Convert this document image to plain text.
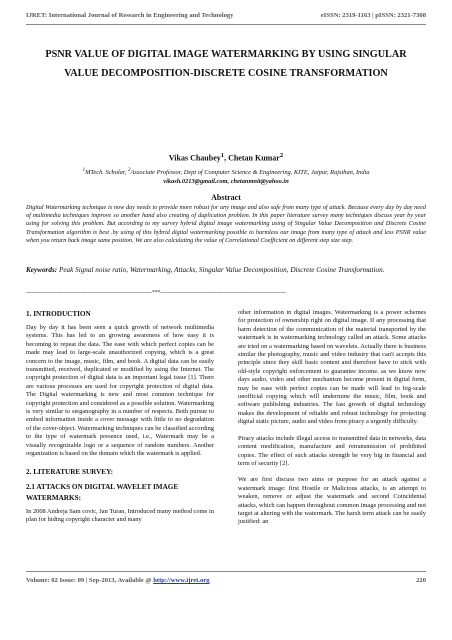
IJRET: International Journal of Research in Engineering and Technology	eISSN: 2319-1163 | pISSN: 2321-7308
PSNR VALUE OF DIGITAL IMAGE WATERMARKING BY USING SINGULAR VALUE DECOMPOSITION-DISCRETE COSINE TRANSFORMATION
Vikas Chaubey$^1$, Chetan Kumar$^2$
$^1$MTech. Scholar, $^2$Associate Professor, Dept of Computer Science & Engineering, KITE, Jaipur, Rajsthan, India
vikash.0213@gmail.com, chetanmnit@yahoo.in
Abstract
Digital Watermarking technique is now day needs to provide more robust for any image and also safe from many type of attack. Because every day by day need of multimedia techniques improve so another hand also creating of duplication problem. In this paper literature survey many techniques discuss year by year using for solving this problem. But according to my survey hybrid digital image watermarking using of Singular Value Decomposition and Discrete Cosine Transformation algorithm is best .by using of this hybrid digital watermarking possible to harmless our image from many type of attack and less PSNR value when you return back image same position. We are also calculating the value of Correlational Coefficient on different step size step.
Keywords: Peak Signal noise ratio, Watermarking, Attacks, Singular Value Decomposition, Discrete Cosine Transformation.
----------------------------------------------------------------------***----------------------------------------------------------------------
1. INTRODUCTION

Day by day it has been seen a quick growth of network multimedia systems. This has led to an growing awareness of how easy it is becoming to repeat the data. The ease with which perfect copies can be made may lead to large-scale unauthorized copying, which is a great concern to the image, music, film, and book. A digital data can be easily transmitted, received, duplicated or modified by using the Internet. The copyright protection of digital data is an important legal issue [1]. There are various processes are used for copyright protection of digital data. The Digital watermarking is new and most common technique for copyright protection and considered as a possible solution. Watermarking is very similar to steganography in a number of respects. Both pursue to embed information inside a cover message with little to no degradation of the cover-object. Watermarking techniques can be classified according to the type of watermark presence used, i.e., Watermark may be a visually recognizable logo or a sequence of random numbers. Another organization is based on the domain which the watermark is applied.

2. LITERATURE SURVEY:
2.1 ATTACKS ON DIGITAL WAVELET IMAGE WATERMARKS:

In 2008 Andreja Sam covic, Jan Turan, Introduced many method come in plan for hiding copyright character and many

other information in digital images. Watermarking is a power schemes for protection of ownership right on digital image. If any processing that harm detection of the communication of the material transported by the watermark is in watermarking technology called an attack. Some attacks are tried on a watermarking based on wavelets. Actually there is business similar the photography, music and video industry that can't accepts this principle since they skill basic content and therefore have to stick with old-style copyright enforcement to guarantee income. as we know now days audio, video and other mechanism become present in digital form, may be ease with perfect copies can be made will lead to big-scale unofficial copying which will undermine the music, film, book and software publishing industries. The fast growth of digital technology makes the development of reliable and robust technology for protecting digital static picture, audio and video from piracy a urgently difficulty.

Piracy attacks include illegal access to transmitted data in networks, data content modification, manufacture and retransmission of prohibited copies. The effect of such attacks strength be very big in financial and term of security [2].

We are first discuss two aims or purpose for an attack against a watermark image: first Hostile or Malicious attacks, is an attempt to weaken, remove or adjust the watermark and second Coincidental attacks, which can happen throughout common image processing and not target at altering with the watermark. The harsh term attack can be easily justified: an

Volume: 02 Issue: 09 | Sep-2013, Available @ http://www.ijret.org	220
